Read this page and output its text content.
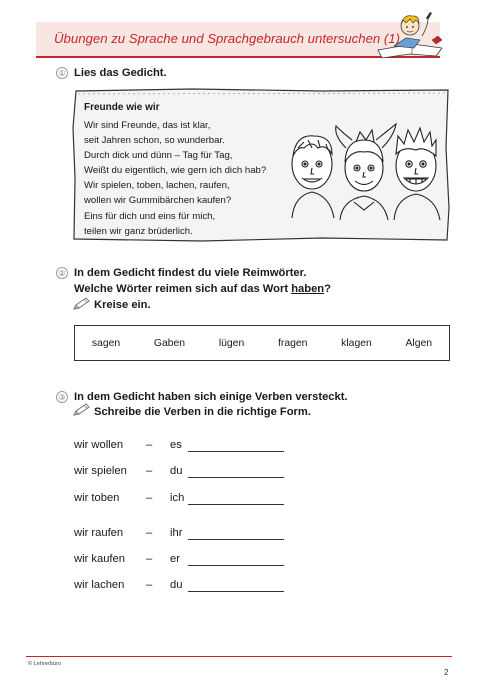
Übungen zu Sprache und Sprachgebrauch untersuchen (1)
① Lies das Gedicht.
Freunde wie wir
Wir sind Freunde, das ist klar,
seit Jahren schon, so wunderbar.
Durch dick und dünn – Tag für Tag,
Weißt du eigentlich, wie gern ich dich hab?
Wir spielen, toben, lachen, raufen,
wollen wir Gummibärchen kaufen?
Eins für dich und eins für mich,
teilen wir ganz brüderlich.
② In dem Gedicht findest du viele Reimwörter.
Welche Wörter reimen sich auf das Wort haben?
Kreise ein.
sagen	Gaben	lügen	fragen	klagen	Algen
③ In dem Gedicht haben sich einige Verben versteckt.
Schreibe die Verben in die richtige Form.
wir wollen – es
wir spielen – du
wir toben – ich
wir raufen – ihr
wir kaufen – er
wir lachen – du
© Lehrerbüro
2
